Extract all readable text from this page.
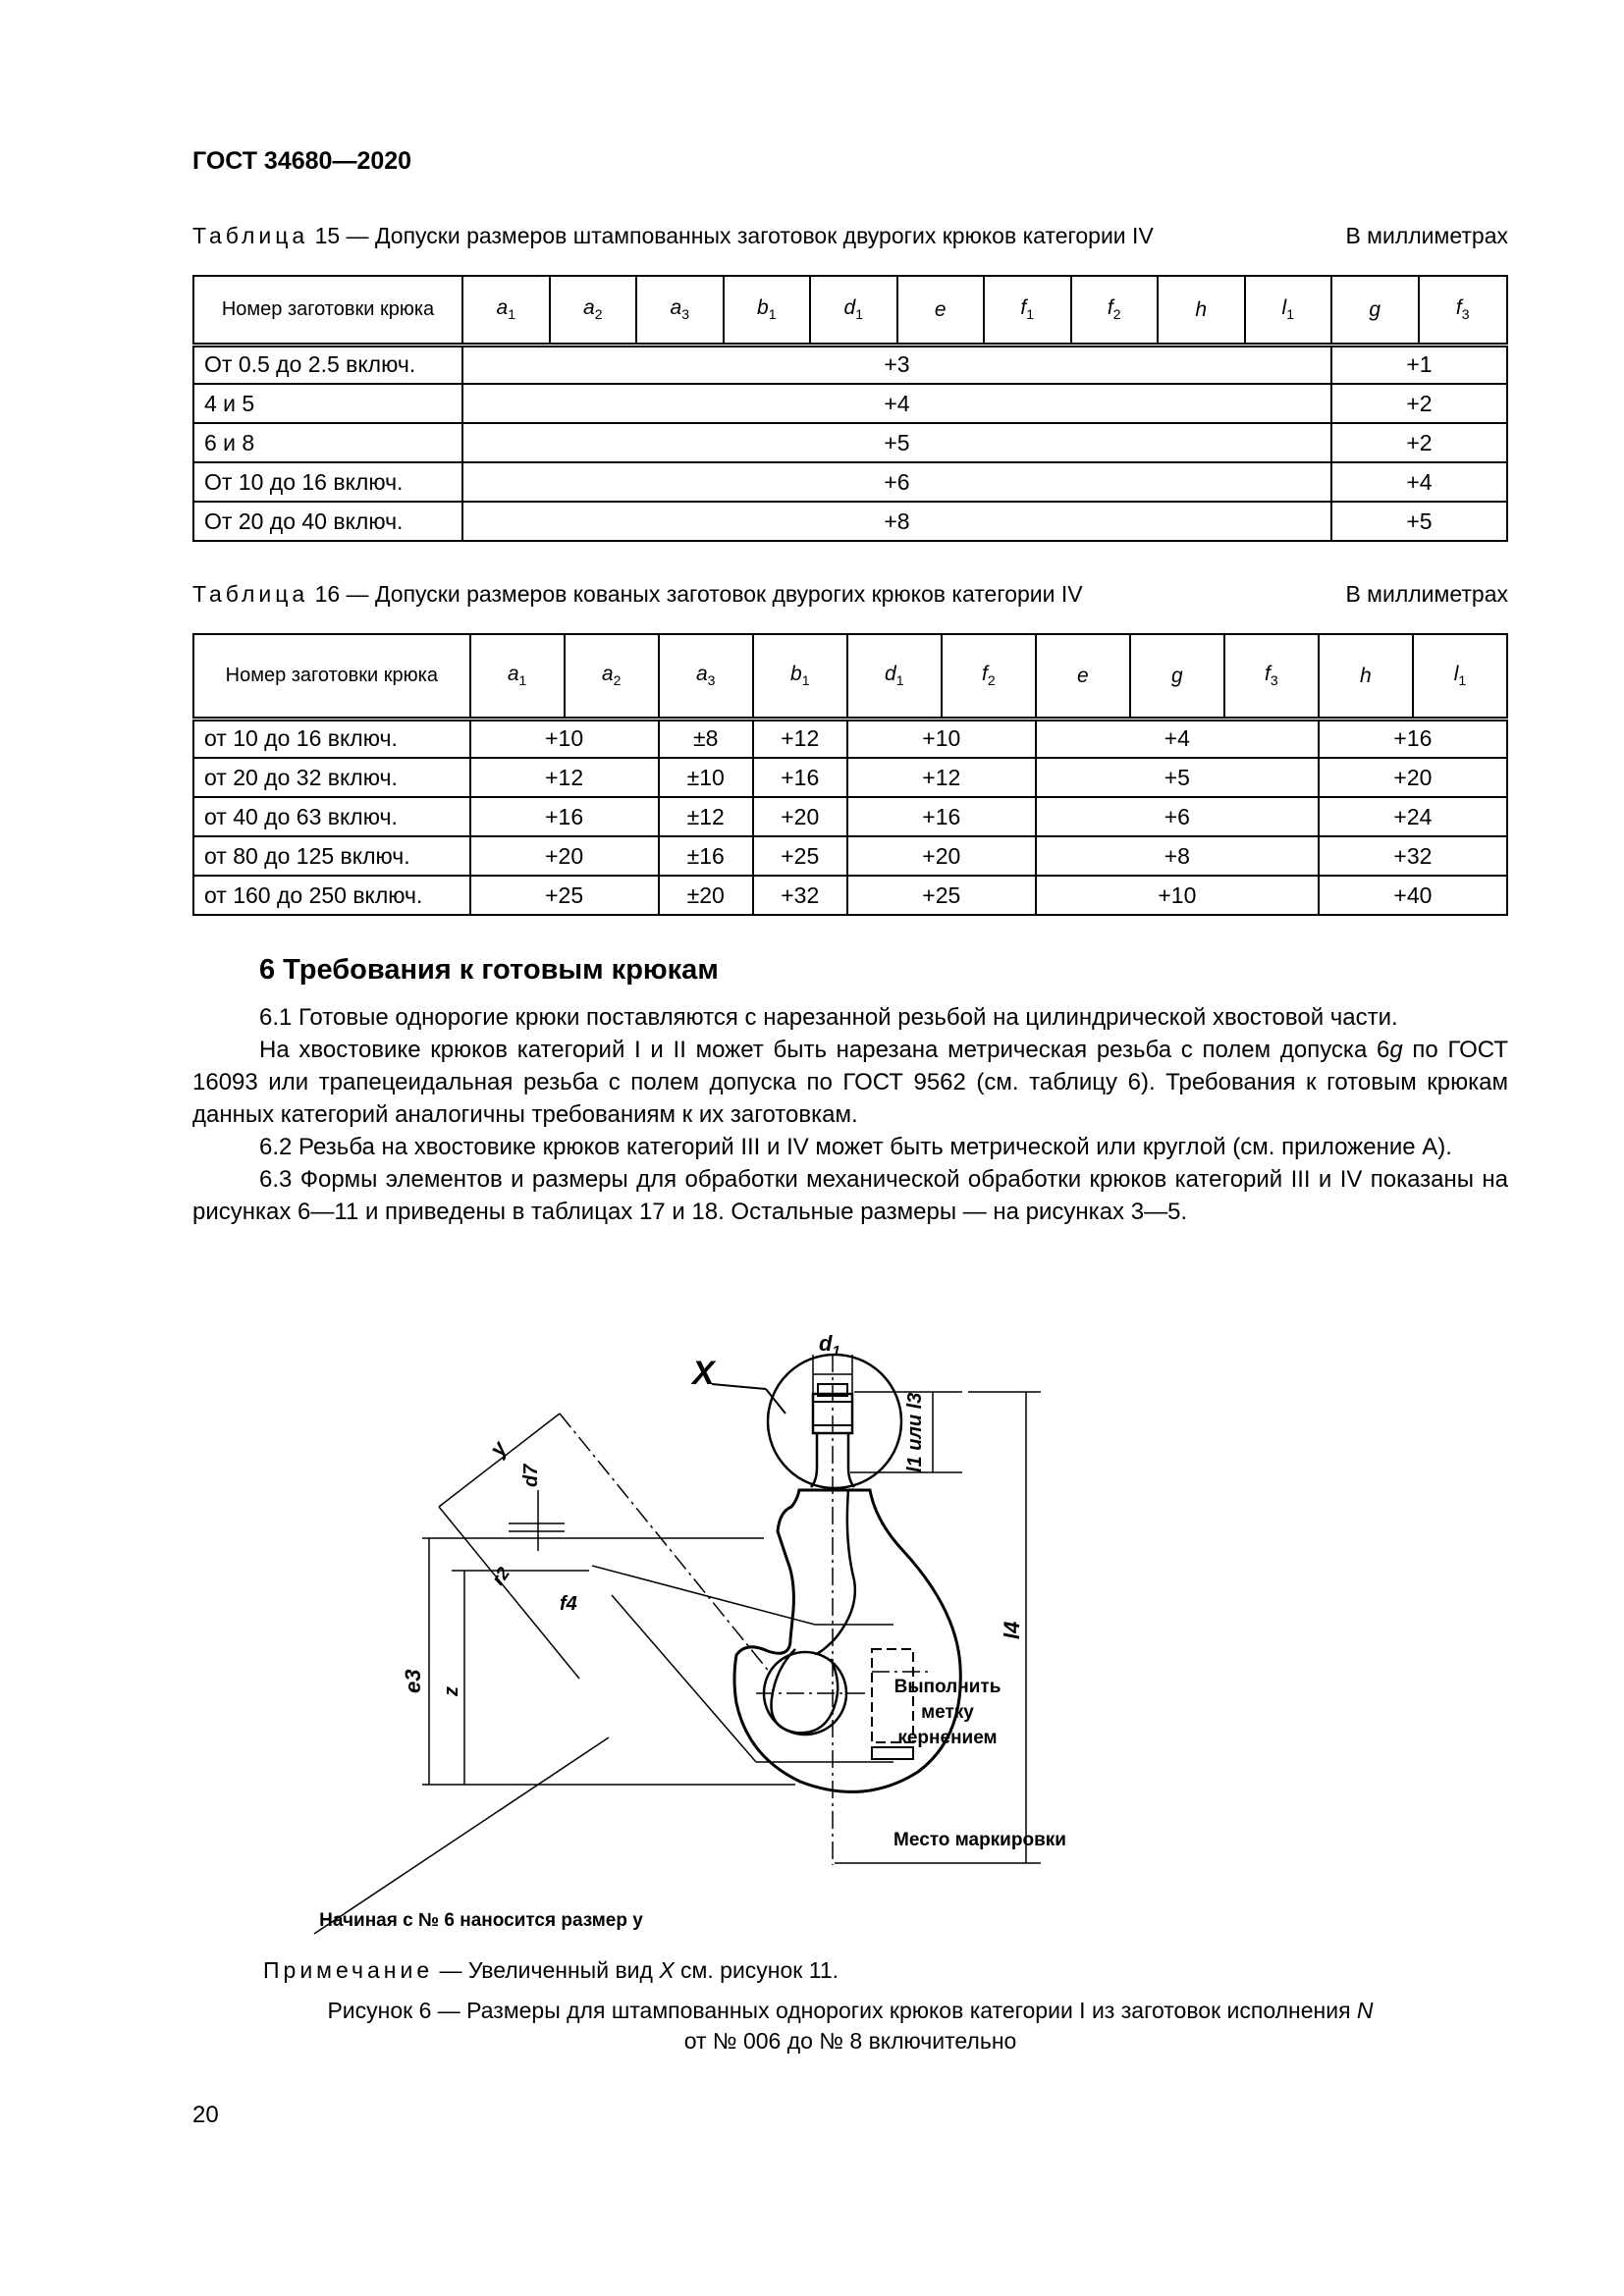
ГОСТ 34680—2020
Таблица 15 — Допуски размеров штампованных заготовок двурогих крюков категории IV	В миллиметрах
Номер заготовки крюка	$a_1$	$a_2$	$a_3$	$b_1$	$d_1$	e	$f_1$	$f_2$	h	$l_1$	g	$f_3$
От 0.5 до 2.5 включ.	+3										+1	
4 и 5	+4										+2	
6 и 8	+5										+2	
От 10 до 16 включ.	+6										+4	
От 20 до 40 включ.	+8										+5	
Таблица 16 — Допуски размеров кованых заготовок двурогих крюков категории IV	В миллиметрах
Номер заготовки крюка	$a_1$	$a_2$	$a_3$	$b_1$	$d_1$	$f_2$	e	g	$f_3$	h	$l_1$
от 10 до 16 включ.	+10		±8	+12	+10		+4			+16	
от 20 до 32 включ.	+12		±10	+16	+12		+5			+20	
от 40 до 63 включ.	+16		±12	+20	+16		+6			+24	
от 80 до 125 включ.	+20		±16	+25	+20		+8			+32	
от 160 до 250 включ.	+25		±20	+32	+25		+10			+40	
6 Требования к готовым крюкам

6.1 Готовые однорогие крюки поставляются с нарезанной резьбой на цилиндрической хвостовой части.

На хвостовике крюков категорий I и II может быть нарезана метрическая резьба с полем допуска 6g по ГОСТ 16093 или трапецеидальная резьба с полем допуска по ГОСТ 9562 (см. таблицу 6). Требования к готовым крюкам данных категорий аналогичны требованиям к их заготовкам.

6.2 Резьба на хвостовике крюков категорий III и IV может быть метрической или круглой (см. приложение А).

6.3 Формы элементов и размеры для обработки механической обработки крюков категорий III и IV показаны на рисунках 6—11 и приведены в таблицах 17 и 18. Остальные размеры — на рисунках 3—5.

X
$d_1$
l1 или l3
l4
y
d7
r2
f4
e3 z	Выполнить
метку
кернением
Место маркировки
Начиная с № 6 наносится размер y
Примечание — Увеличенный вид X см. рисунок 11.
Рисунок 6 — Размеры для штампованных однорогих крюков категории I из заготовок исполнения N
от № 006 до № 8 включительно
20
